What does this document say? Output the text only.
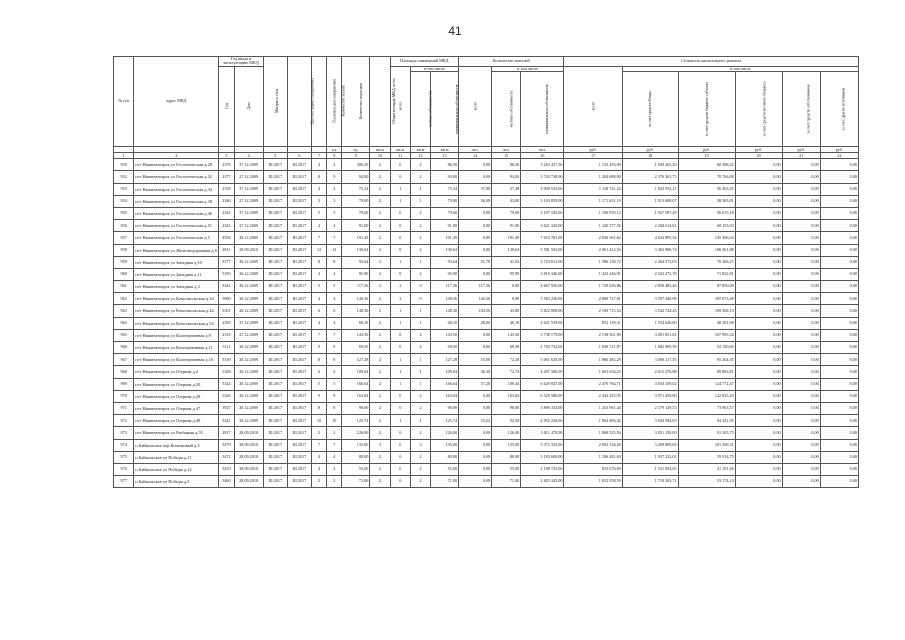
41
№ п/п	адрес МКД	Год ввода в эксплуатацию МКД		Материал стен	Дата последнего капремонта	Плановая дата завершения	Количество этажей	Количество подъездов	Общая площадь МКД, всего	Площадь помещений МКД			Количество жителей			Стоимость капитального ремонта					
		Год	Дата							всего	в том числе		всего	в том числе		всего	в том числе				
											частная собственность	муниципальная собственность		частная собственность	муниципальная собственность		за счет средств Фонда	за счет средств бюджета субъекта	за счет средств местного бюджета	за счет средств собственников	за счет других источников
							ед.	ед.	кв.м	кв.м	кв.м	кв.м	чел.	чел.	чел.	руб.	руб.	руб.	руб.	руб.	руб.
1	2	3	4	5	6	7	8	9	10	11	12	13	14	15	16	17	18	19	20	21	22
950	пгт Нижнеангарск ул Геологическая д.28	2376	27.12.2009	III.2017	III.2017	4	4	306,50	2	0	2	86,50	0,00	86,50	3 263 437,50	1 153 456,00	1 949 263,20	60 288,22	0,00	0,00	0,00
952	пгт Нижнеангарск ул Геологическая д.32	2377	27.12.2009	III.2017	III.2017	8	9	94,00	2	0	2	94,00	0,00	94,00	3 743 738,00	1 204 688,00	2 376 261,75	70 766,88	0,00	0,00	0,00
953	пгт Нижнеангарск ул Геологическая д.34	2358	27.12.2009	III.2017	III.2017	4	4	75,34	2	1	1	75,34	37,00	37,48	3 000 543,00	1 118 721,24	1 825 952,11	56 463,45	0,00	0,00	0,00
954	пгт Нижнеангарск ул Геологическая д.38	2340	27.12.2009	III.2017	III.2017	3	3	79,00	2	1	1	79,00	36,00	43,00	3 103 859,00	1 171 631,19	1 913 608,07	38 365,81	0,00	0,00	0,00
955	пгт Нижнеангарск ул Геологическая д.46	2341	27.12.2009	III.2017	III.2017	5	5	79,60	2	0	2	79,60	0,00	79,60	3 107 182,00	1 180 939,12	1 927 587,29	56 615,18	0,00	0,00	0,00
956	пгт Нижнеангарск ул Геологическая д.51	2343	27.12.2009	III.2017	III.2017	4	4	91,00	2	0	2	91,00	0,00	91,00	3 621 345,00	1 340 577,36	2 268 614,61	68 153,03	0,00	0,00	0,00
957	пгт Нижнеангарск ул Геологическая д.5	4556	28.12.2009	III.2017	III.2017	7	7	191,49	2	0	2	191,49	0,00	191,49	7 616 763,00	2 836 561,62	4 634 895,34	145 306,04	0,00	0,00	0,00
958	пгт Нижнеангарск ул Железнодорожная д.8	2811	28.09.2010	III.2017	III.2017	12	12	130,64	2	0	2	130,64	0,00	130,64	5 581 503,00	2 061 412,54	3 363 960,74	106 361,88	0,00	0,00	0,00
959	пгт Нижнеангарск ул Западная д.10	5177	26.12.2009	III.2017	III.2017	8	8	93,64	2	1	1	93,64	51,70	41,94	3 723 813,00	1 386 136,72	2 264 573,03	70 366,25	0,00	0,00	0,00
960	пгт Нижнеангарск ул Западная д.11	5185	26.12.2009	III.2017	III.2017	4	4	95,90	2	0	2	95,90	0,00	95,90	3 816 346,00	1 422 246,91	2 322 272,78	71 822,81	0,00	0,00	0,00
961	пгт Нижнеангарск ул Западная д.3	5341	26.12.2009	III.2017	III.2017	5	5	117,36	2	2	0	117,36	117,36	0,00	4 667 950,00	1 729 626,86	2 850 483,46	87 850,00	0,00	0,00	0,00
962	пгт Нижнеангарск ул Комсомольская д.34	5690	26.12.2009	III.2017	III.2017	4	4	140,36	2	2	0	140,36	140,36	0,00	5 583 236,00	2 080 727,81	3 397 440,99	105 073,48	0,00	0,00	0,00
963	пгт Нижнеангарск ул Комсомольская д.44	5301	26.12.2009	III.2017	III.2017	6	6	148,30	2	1	1	148,30	104,50	43,80	5 822 008,00	2 169 715,34	3 542 724,26	109 568,10	0,00	0,00	0,00
964	пгт Нижнеангарск ул Комсомольская д.54	2359	27.12.2009	III.2017	III.2017	4	4	68,10	2	1	1	68,10	28,00	40,10	2 621 539,00	952 139,31	1 554 626,00	48 281,68	0,00	0,00	0,00
965	пгт Нижнеангарск ул Кооперативная д.9	2316	27.12.2009	III.2017	III.2017	7	7	143,50	2	0	2	143,50	0,00	143,50	5 738 179,00	2 138 561,99	3 491 851,61	107 995,34	0,00	0,00	0,00
966	пгт Нижнеангарск ул Кооперативная д.11	5111	26.12.2009	III.2017	III.2017	9	9	69,50	2	0	2	69,50	0,00	69,50	2 765 752,00	1 030 721,87	1 682 969,59	52 150,84	0,00	0,00	0,00
967	пгт Нижнеангарск ул Кооперативная д.16	5139	26.12.2009	III.2017	III.2017	8	8	127,28	2	1	1	127,28	55,00	72,28	5 061 620,00	1 886 482,29	3 080 217,55	95 264,45	0,00	0,00	0,00
968	пгт Нижнеангарск ул Озерная д.2	5328	26.12.2009	III.2017	III.2017	6	6	109,04	2	1	1	109,04	36,30	72,74	4 297 300,00	1 601 634,23	2 615 276,88	80 883,81	0,00	0,00	0,00
969	пгт Нижнеангарск ул Озерная д.20	5324	26.12.2009	III.2017	III.2017	5	5	166,64	2	1	1	166,64	57,20	109,44	6 629 847,00	2 470 764,71	4 034 359,02	124 772,47	0,00	0,00	0,00
970	пгт Нижнеангарск ул Озерная д.28	5326	26.12.2009	III.2017	III.2017	9	9	163,04	2	0	2	163,04	0,00	163,04	6 520 580,00	2 432 225,95	3 971 459,80	122 825,29	0,00	0,00	0,00
971	пгт Нижнеангарск ул Озерная д.47	3927	26.12.2009	III.2017	III.2017	8	8	98,00	2	0	2	98,00	0,00	98,00	3 896 334,00	1 453 961,44	2 379 129,53	73 963,57	0,00	0,00	0,00
972	пгт Нижнеангарск ул Озерная д.48	3241	28.12.2009	III.2017	III.2017	10	10	125,74	2	1	1	125,74	33,24	92,50	4 992 226,00	1 864 496,42	3 043 584,03	94 341,95	0,00	0,00	0,00
973	пгт Нижнеангарск ул Рыбацкая д.55	2817	28.09.2010	III.2017	III.2017	2	2	126,00	2	0	2	126,00	0,00	126,00	5 011 470,00	1 868 535,56	3 051 158,69	91 365,75	0,00	0,00	0,00
974	п Байкальское пер Кочетковый д.3	3479	28.09.2010	III.2017	III.2017	7	7	135,00	3	0	3	135,00	0,00	135,00	5 372 325,00	2 002 136,26	3 269 809,60	101 366,31	0,00	0,00	0,00
975	п Байкальское ул Победы д.11	3472	28.09.2010	III.2017	III.2017	4	4	80,00	2	0	2	80,00	0,00	80,00	3 183 600,00	1 186 481,84	1 937 232,01	59 914,75	0,00	0,00	0,00
976	п Байкальское ул Победы д.12	3459	28.09.2010	III.2017	III.2017	4	4	55,00	2	0	2	55,00	0,00	55,00	2 188 725,00	815 676,69	1 331 854,05	41 191,26	0,00	0,00	0,00
977	п Байкальское ул Победы д.5	3460	28.09.2010	III.2017	III.2017	2	2	71,00	2	0	2	71,00	0,00	71,00	2 825 445,00	1 052 958,59	1 719 303,71	53 174,14	0,00	0,00	0,00
